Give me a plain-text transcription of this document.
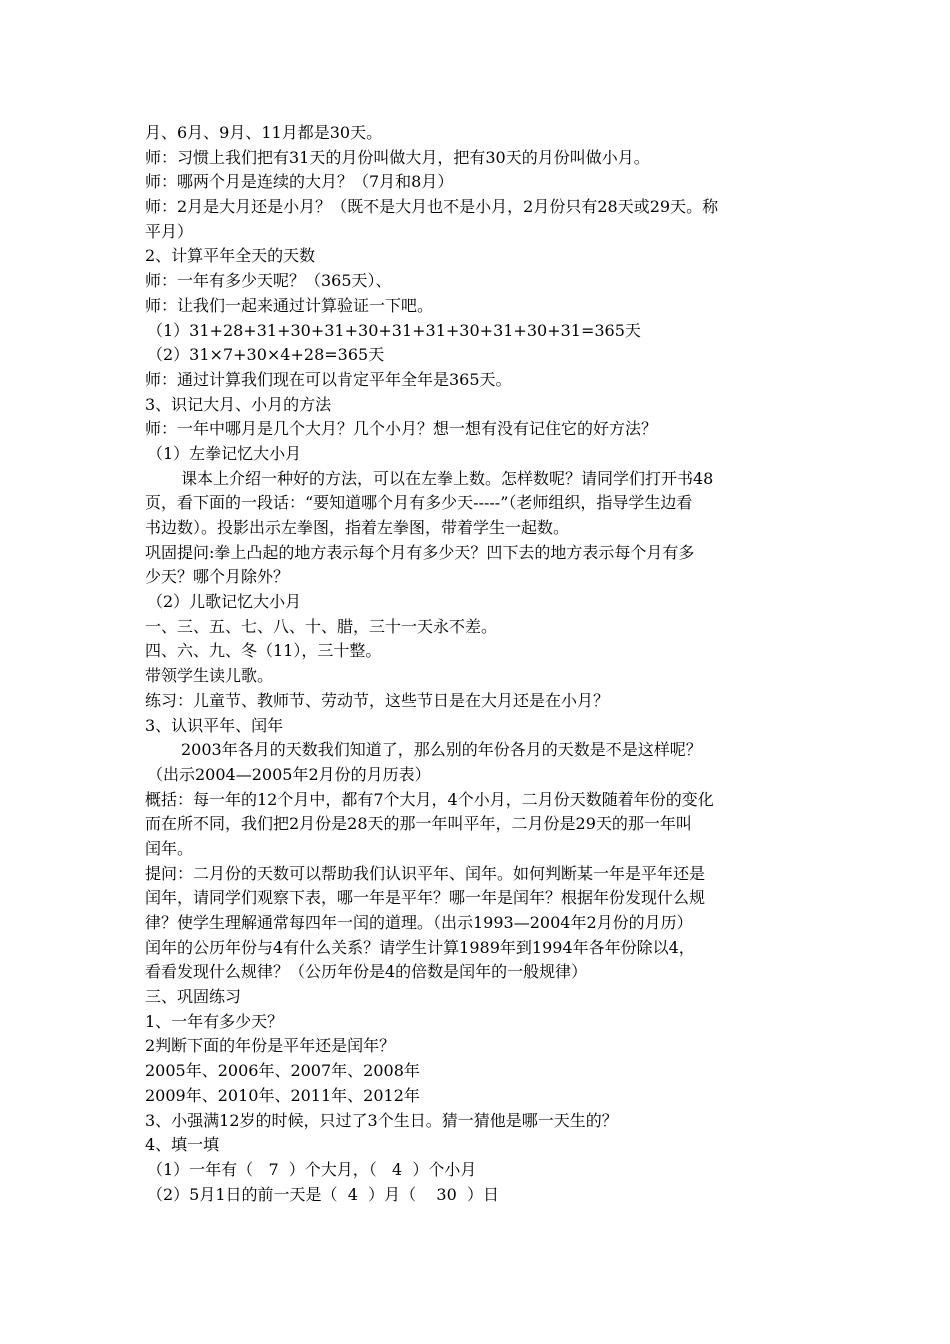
月、6月、9月、11月都是30天。
师：习惯上我们把有31天的月份叫做大月，把有30天的月份叫做小月。
师：哪两个月是连续的大月？（7月和8月）
师：2月是大月还是小月？（既不是大月也不是小月，2月份只有28天或29天。称
平月）
2、计算平年全天的天数
师：一年有多少天呢？（365天）、
师：让我们一起来通过计算验证一下吧。
（1）31+28+31+30+31+30+31+31+30+31+30+31=365天
（2）31×7+30×4+28=365天
师：通过计算我们现在可以肯定平年全年是365天。
3、识记大月、小月的方法
师：一年中哪月是几个大月？几个小月？想一想有没有记住它的好方法？
（1）左拳记忆大小月
课本上介绍一种好的方法，可以在左拳上数。怎样数呢？请同学们打开书48
页，看下面的一段话：“要知道哪个月有多少天-----”（老师组织，指导学生边看
书边数）。投影出示左拳图，指着左拳图，带着学生一起数。
巩固提问:拳上凸起的地方表示每个月有多少天？凹下去的地方表示每个月有多
少天？哪个月除外？
（2）儿歌记忆大小月
一、三、五、七、八、十、腊，三十一天永不差。
四、六、九、冬（11），三十整。
带领学生读儿歌。
练习：儿童节、教师节、劳动节，这些节日是在大月还是在小月？
3、认识平年、闰年
2003年各月的天数我们知道了，那么别的年份各月的天数是不是这样呢？
（出示2004—2005年2月份的月历表）
概括：每一年的12个月中，都有7个大月，4个小月，二月份天数随着年份的变化
而在所不同，我们把2月份是28天的那一年叫平年，二月份是29天的那一年叫
闰年。
提问：二月份的天数可以帮助我们认识平年、闰年。如何判断某一年是平年还是
闰年，请同学们观察下表，哪一年是平年？哪一年是闰年？根据年份发现什么规
律？使学生理解通常每四年一闰的道理。（出示1993—2004年2月份的月历）
闰年的公历年份与4有什么关系？请学生计算1989年到1994年各年份除以4，
看看发现什么规律？（公历年份是4的倍数是闰年的一般规律）
三、巩固练习
1、一年有多少天？
2判断下面的年份是平年还是闰年？
2005年、2006年、2007年、2008年
2009年、2010年、2011年、2012年
3、小强满12岁的时候，只过了3个生日。猜一猜他是哪一天生的？
4、填一填
（1）一年有（   7  ）个大月，（   4  ）个小月
（2）5月1日的前一天是（  4  ）月（    30  ）日
